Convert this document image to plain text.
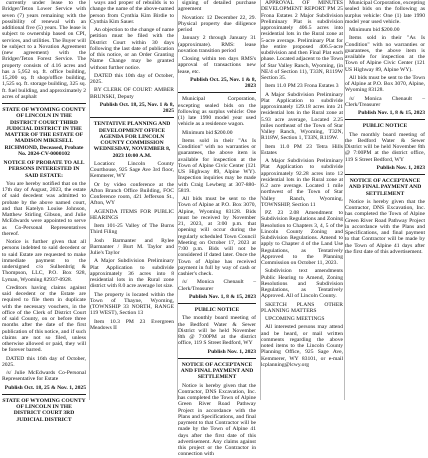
currently under lease to the Bridger/Teton Lower Service with seven (7) years remaining with the possibility of renewal with an additional five (5) years. The lease is subject to ownership based on CPI, services, and utilities. The Buyer will be subject to a Novation Agreement (new agreement) with the Bridger/Teton Forest Service. The property consists of 4.16 acres and has a 5,952 sq. ft. office building, 15,200 sq. ft shop/office building, 1,525 sq. ft. storage building, 325 sq. ft. fuel building, and approximately 2 acres of asphalt

STATE OF WYOMING COUNTY OF LINCOLN IN THE DISTRICT COURT THIRD JUDICIAL DISTRICT IN THE MATTER OF THE ESTATE OF MADISON MIKESELL RICHMOND, Deceased, Probate No. 2024-CV-0000102

NOTICE OF PROBATE TO ALL PERSONS INTERESTED IN SAID ESTATE:

You are hereby notified that on the 17th day of August, 2023, the estate of said decedent was admitted to probate by the above named court, and that Katelyn Louise Johnson, Matthew Stirling Gibson, and Julie McEdwards were appointed to serve as Co-Personal Representatives thereof.

Notice is further given that all persons indebted to said decedent or to said Estate are requested to make immediate payment to the undersigned c/o Sulhenbrig & Thompson, LLC, P.O. Box 928, Lyman, Wyoming 82937-0928.

Creditors having claims against said decedent or the Estate are required to file them in duplicate with the necessary vouchers, in the office of the Clerk of District Court of said County, on or before three months after the date of the first publication of this notice, and if such claims are not so filed, unless otherwise allowed or paid, they will be forever barred.

DATED this 16th day of October, 2025.

/s/ Julie McEdwards Co-Personal Representative for Estate

Publish Oct. 18, 25 & Nov. 1, 2025

STATE OF WYOMING COUNTY OF LINCOLN IN THE DISTRICT COURT 3RD JUDICIAL DISTRICT

ways and proper of rebuilds is to change the name of the above-named person from Cynthia Kim Birdie to Cynthia Kim Sauer.

An objection to the change of name petition must be filed with the District Court within 30 days following the last date of publication of this notice, or an Order Granting Name Change may be granted without further notice.

DATED this 10th day of October, 2025.

BY CLERK OF COURT: AMBER BRUNSKI, Deputy

Publish Oct. 18, 25, Nov. 1 & 8, 2025

TENTATIVE PLANNING AND DEVELOPMENT OFFICE AGENDA FOR LINCOLN COUNTY COMMISSION WEDNESDAY, NOVEMBER 8, 2023 10:00 A.M.

Location: Lincoln County Courthouse, 925 Sage Ave 3rd floor, Kemmerer, WY

Or by video conference at the Afton Branch Office Building, FOC Conference room, 421 Jefferson St., Afton, WY

AGENDA ITEMS FOR PUBLIC HEARINGS

Item 101-25 Valley of The Burns Third Filing

Josh Barmanter and Rylee Barmanter / Burt M. Taylor and Julie's Taylor

A Major Subdivision Preliminary Plat Application to subdivide approximately 36 acres into 8 residential lots in the Rural zone district with 8.0 acre average lot size.

The property is located within the Town of Thayne, Wyoming, (TOWNSHIP 33 NORTH, RANGE 119 WEST), Section 13

Item 10.3 PM 23 Evergreen Meadows II

signing of detailed purchase agreement

Novation: 12 December 22, 29. Physical property due diligence period

January 2 through January 31 (approximate). RMS: lease novation transition period

Closing within ten days RMS's approval of transactions new lease, etc.

Publish Oct. 25, Nov. 1 & 8, 2023

Municipal Corporation, excepting sealed bids on the following as surplus vehicle: One (1) late 1990 model year used vehicle as a residence wagon.

Minimum bid $200.00

Items sold in their "As Is Condition" with no warranties or guarantees, the above item is available for inspection at the Town of Alpine Civic Center (121 US Highway 89, Alpine WY). Inspection inquiries may be made with Craig Lewberg at 307-880-5819.

All bids must be sent to the Town of Alpine at P.O. Box 3070, Alpine, Wyoming 83128. Bids must be received by November 21, 2023, at 3:00 p.m. that opening will occur during the regularly scheduled Town Council Meeting on October 17, 2023 at 7:00 p.m. Bids will not be considered if dated later. Once the Town of Alpine has received payment in full by way of cash or cashier's check.

/s/ Monica Chenault – Clerk/Treasurer

Publish Nov. 1, 8 & 15, 2023

PUBLIC NOTICE

The monthly board meeting of the Bedford Water & Sewer District will be held November 8th @ 7:00PM at the district office, 119 S Street Bedford, WY

Publish Nov. 1, 2023

NOTICE OF ACCEPTANCE AND FINAL PAYMENT AND SETTLEMENT

Notice is hereby given that the Contractor, DNS Excavation, Inc. has completed the Town of Alpine Green River Road Pathway Project in accordance with the Plans and Specifications, and final payment to that Contractor will be made by the Town of Alpine 41 days after the first date of this advertisement. Any claims against this project or the Contractor in connection with

APPROVAL OF MINUTES DEVELOPMENT REPORT PM 25 Frona Estates 2 Major Subdivision Preliminary Plat is subdivision approximately 406.5 acres into residential lots in the Rural zone at 5-acre average. Preliminary Plat for the entire proposed 406.5-acre subdivision and then Final Plat each phase. Located adjacent to the Town of Star Valley Ranch, Wyoming, (in NE/4 of Section 11), T33N, R119W Section 35.

Item 11.0 PM 23 Frona Estates 3

A Major Subdivision Preliminary Plat Application to subdivide approximately 129.18 acres into 21 residential lots in the Rural zone at 5.93 acre average, Located 2.25 miles northeast of the Town of Star Valley Ranch, Wyoming, T32N, R118W, Section 1, T33N, R119W.

Item 11.0 PM 23 Tetra Hills Estates

A Major Subdivision Preliminary Plat Application to subdivide approximately 92.28 acres into 12 residential lots in the Rural zone at 6.2 acre average. Located 1 mile northwest of the Town of Star Valley Ranch, Wyoming, TOWNSHIP, Section 11

PZ 23 2.08 Amendment to Subdivision Regulations and Zoning Resolution to Chapters 3, 4, 5 of the Lincoln County Zoning and Subdivision Regulations. Amend to apply to Chapter 4 of the Land Use Regulations, as Tentatively Approved to the Planning Commission on October 11, 2023.

Subdivision text amendments Public Hearing to Amend, Zoning Resolutions and Subdivision Regulations, as Tentatively Approved. All of Lincoln County.

SKETCH PLANS OTHER PLANNING MATTERS

UPCOMING MEETINGS

All interested persons may attend and be heard, or mail written comments regarding the above noted items to the Lincoln County Planning Office, 925 Sage Ave, Kemmerer, WY 83101, or e-mail lcplanning@lcwy.org

Municipal Corporation, excepting sealed bids on the following as surplus vehicle: One (1) late 1990 model year used vehicle.

Minimum bid $200.00

Items sold in their "As Is Condition" with no warranties or guarantees, the above item is available for inspection at the Town of Alpine Civic Center (121 US Highway 89, Alpine WY).

All bids must be sent to the Town of Alpine at P.O. Box 3070, Alpine, Wyoming 83128.

/s/ Monica Chenault – Clerk/Treasurer

Publish Nov. 1, 8 & 15, 2023

PUBLIC NOTICE

The monthly board meeting of the Bedford Water & Sewer District will be held November 8th @ 7:00PM at the district office, 119 S Street Bedford, WY

Publish Nov. 1, 2023

NOTICE OF ACCEPTANCE AND FINAL PAYMENT AND SETTLEMENT

Notice is hereby given that the Contractor, DNS Excavation, Inc. has completed the Town of Alpine Green River Road Pathway Project in accordance with the Plans and Specifications, and final payment to that Contractor will be made by the Town of Alpine 41 days after the first date of this advertisement.
